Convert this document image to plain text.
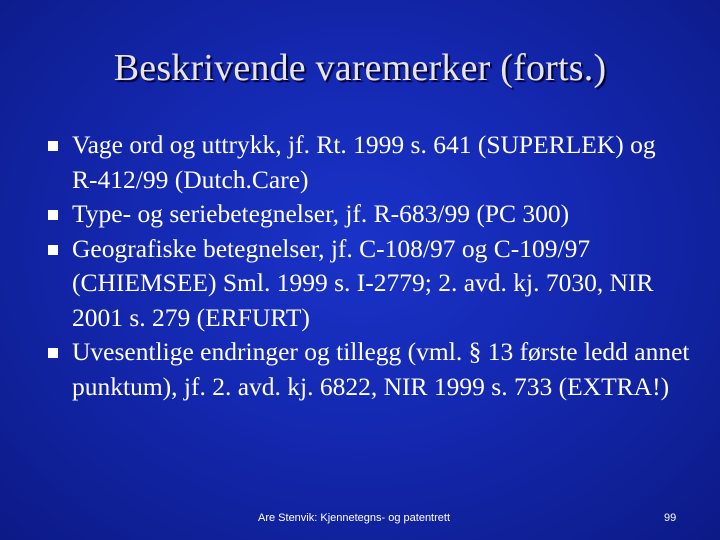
Beskrivende varemerker (forts.)
Vage ord og uttrykk, jf. Rt. 1999 s. 641 (SUPERLEK) og R‑412/99 (Dutch.Care)
Type- og seriebetegnelser, jf. R-683/99 (PC 300)
Geografiske betegnelser, jf. C-108/97 og C‑109/97 (CHIEMSEE) Sml. 1999 s. I-2779; 2. avd. kj. 7030, NIR 2001 s. 279 (ERFURT)
Uvesentlige endringer og tillegg (vml. § 13 første ledd annet punktum), jf. 2. avd. kj. 6822, NIR 1999 s. 733 (EXTRA!)
Are Stenvik: Kjennetegns- og patentrett	99
